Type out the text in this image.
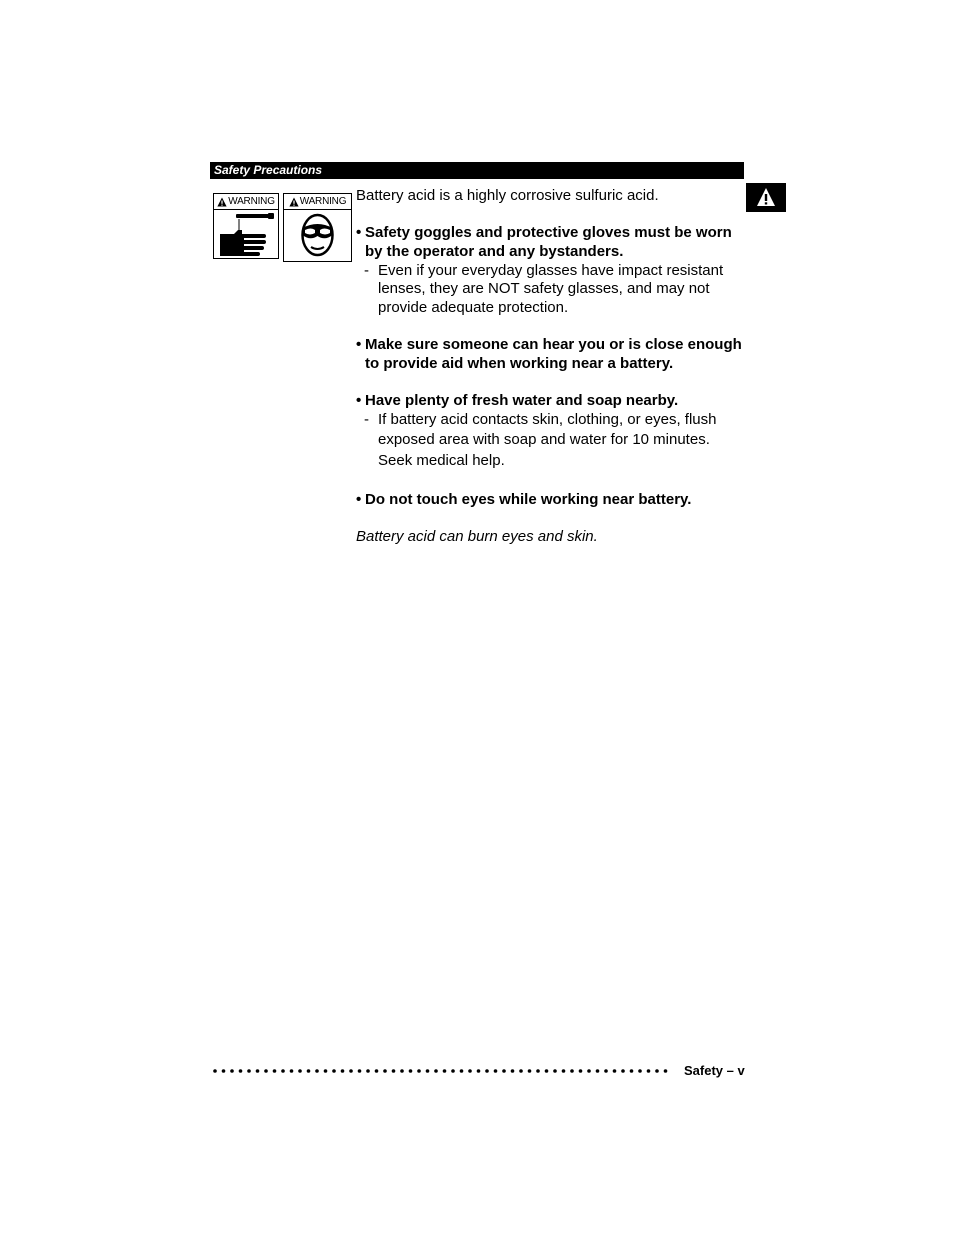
Safety Precautions
WARNING WARNING Battery acid is a highly corrosive sulfuric acid.
• Safety goggles and protective gloves must be worn
by the operator and any bystanders.
- Even if your everyday glasses have impact resistant
lenses, they are NOT safety glasses, and may not
provide adequate protection.
• Make sure someone can hear you or is close enough
to provide aid when working near a battery.
• Have plenty of fresh water and soap nearby.
- If battery acid contacts skin, clothing, or eyes, flush
exposed area with soap and water for 10 minutes.
Seek medical help.
• Do not touch eyes while working near battery.
Battery acid can burn eyes and skin.
Safety – v
